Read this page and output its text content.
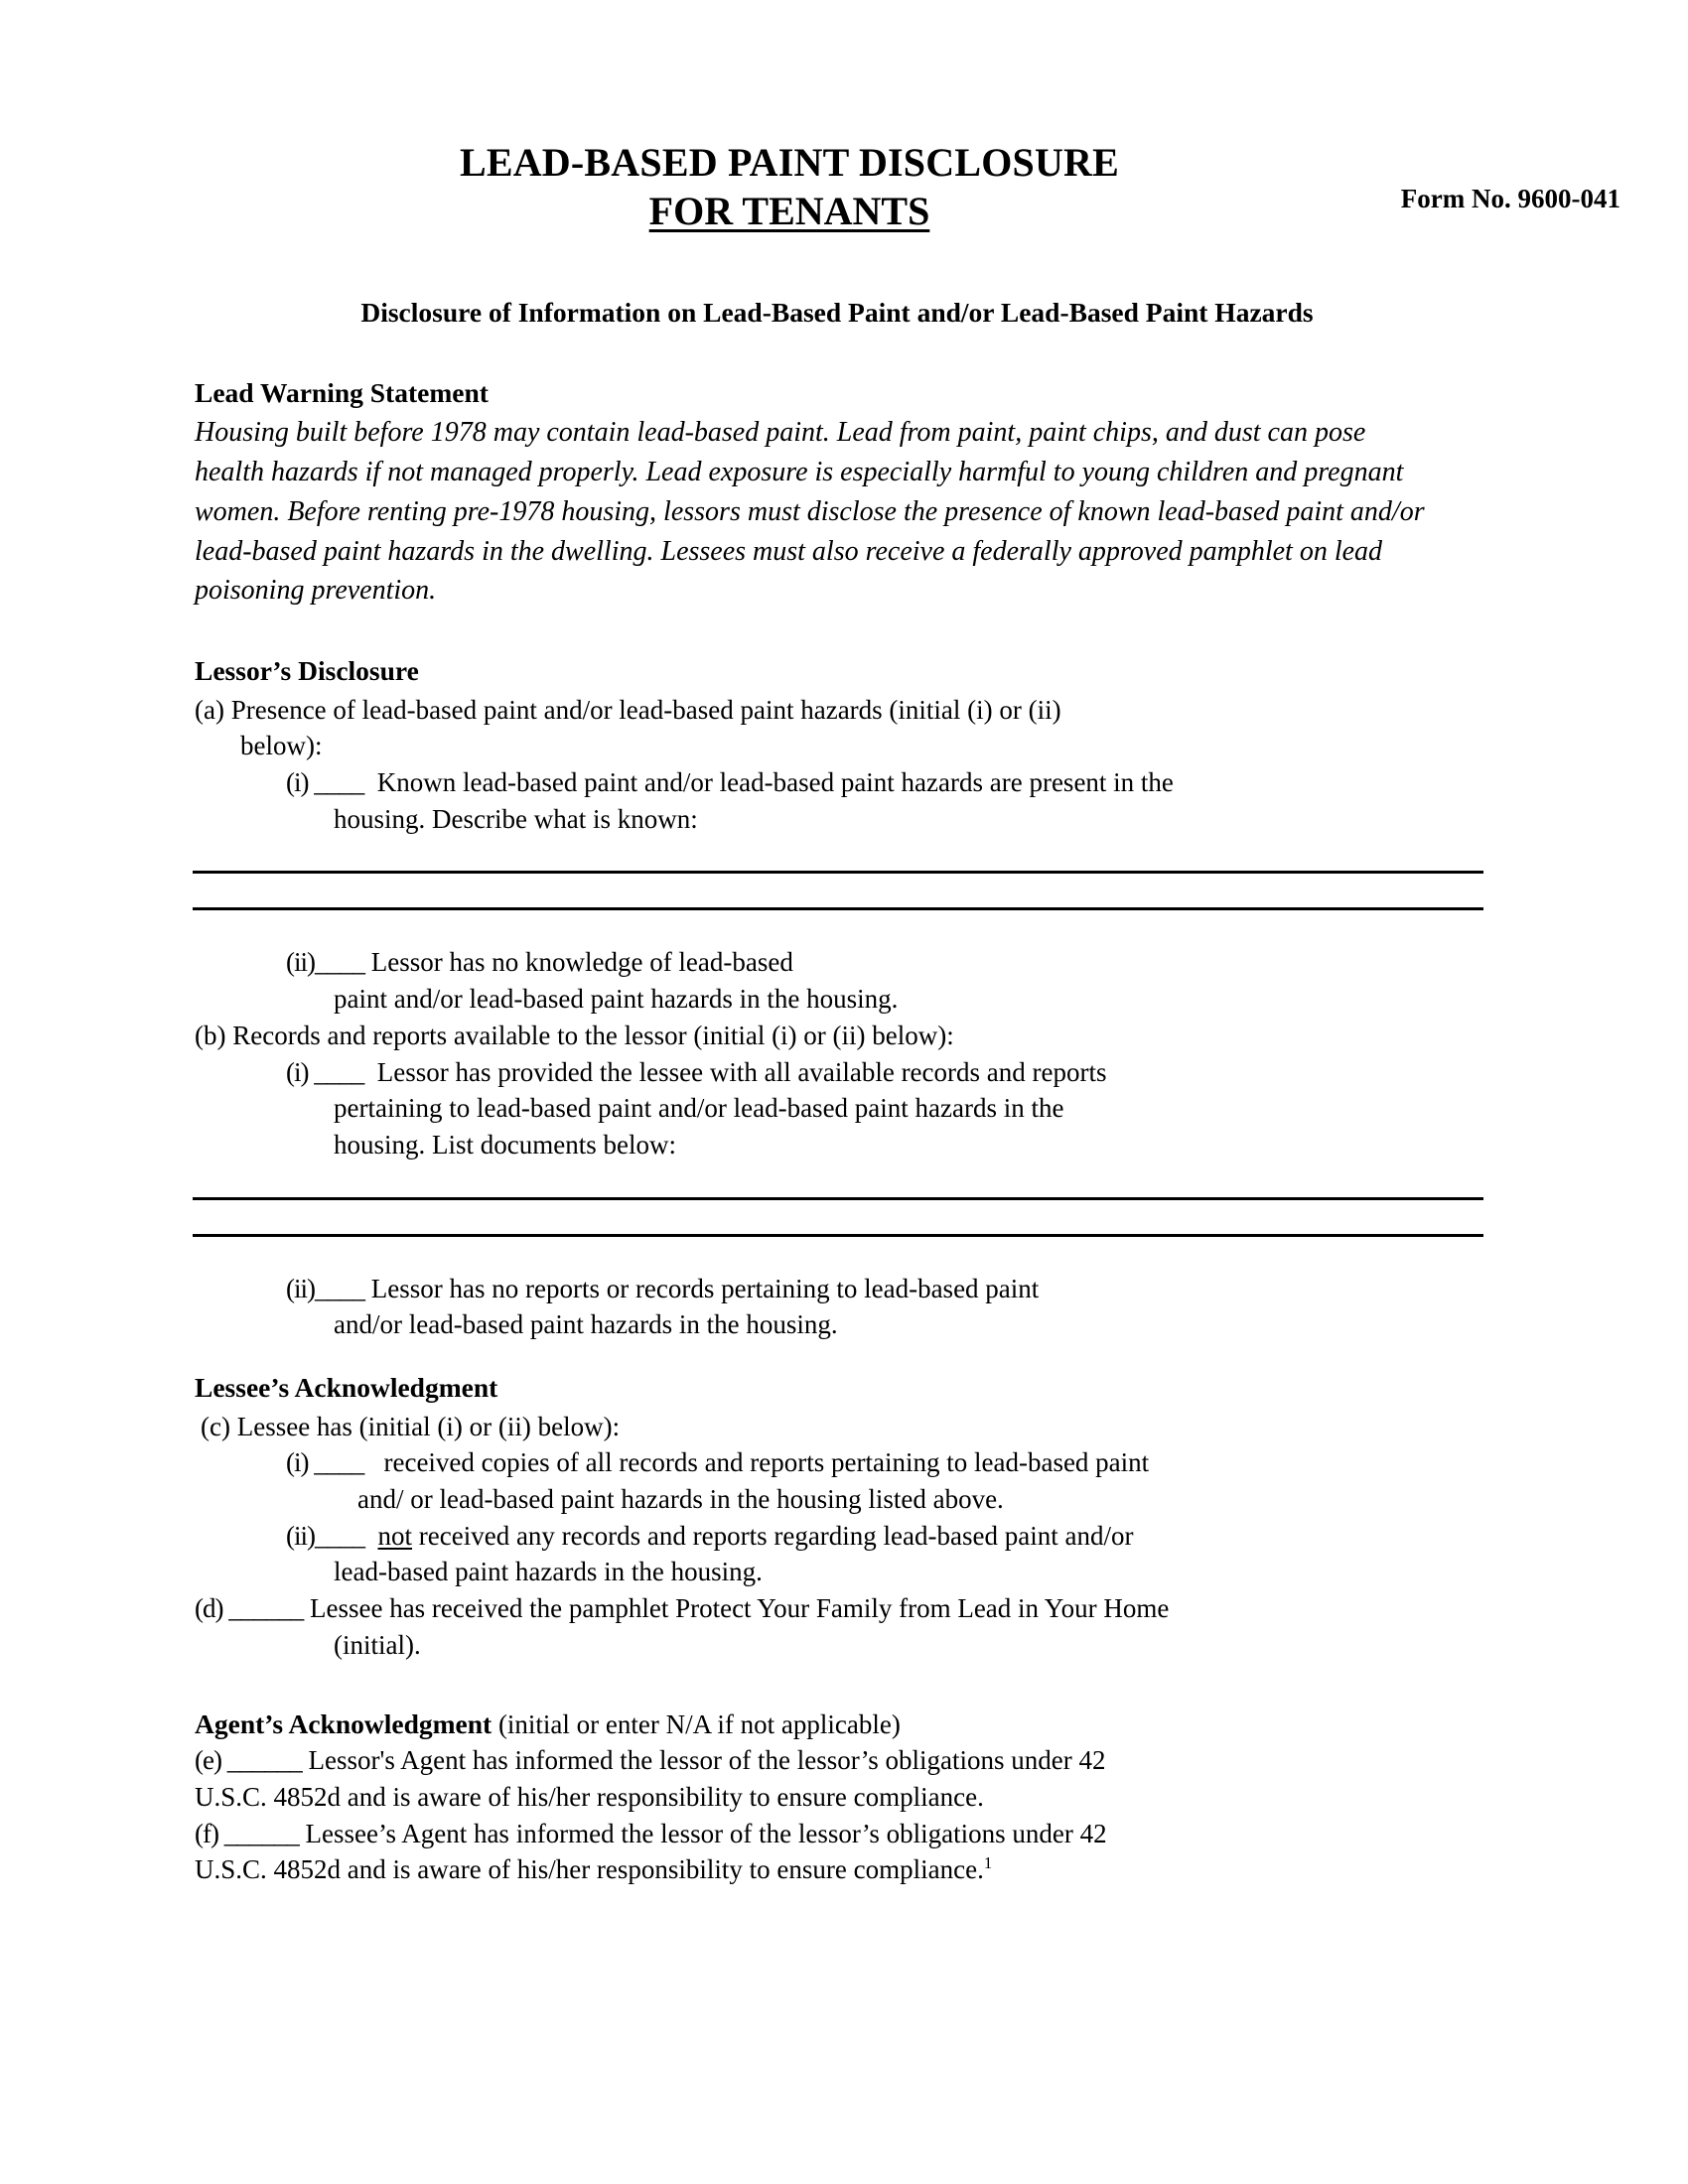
LEAD-BASED PAINT DISCLOSURE
FOR TENANTS	Form No. 9600-041
Disclosure of Information on Lead-Based Paint and/or Lead-Based Paint Hazards
Lead Warning Statement

Housing built before 1978 may contain lead-based paint. Lead from paint, paint chips, and dust can pose health hazards if not managed properly. Lead exposure is especially harmful to young children and pregnant women. Before renting pre-1978 housing, lessors must disclose the presence of known lead-based paint and/or lead-based paint hazards in the dwelling. Lessees must also receive a federally approved pamphlet on lead poisoning prevention.

Lessor’s Disclosure

(a) Presence of lead-based paint and/or lead-based paint hazards (initial (i) or (ii)

below):

(i) ____ Known lead-based paint and/or lead-based paint hazards are present in the

housing. Describe what is known:

(ii)____ Lessor has no knowledge of lead-based

paint and/or lead-based paint hazards in the housing.

(b) Records and reports available to the lessor (initial (i) or (ii) below):

(i) ____ Lessor has provided the lessee with all available records and reports

pertaining to lead-based paint and/or lead-based paint hazards in the

housing. List documents below:

(ii)____ Lessor has no reports or records pertaining to lead-based paint

and/or lead-based paint hazards in the housing.

Lessee’s Acknowledgment

(c) Lessee has (initial (i) or (ii) below):

(i) ____ received copies of all records and reports pertaining to lead-based paint

and/ or lead-based paint hazards in the housing listed above.

(ii)____ not received any records and reports regarding lead-based paint and/or

lead-based paint hazards in the housing.

(d) ______ Lessee has received the pamphlet Protect Your Family from Lead in Your Home

(initial).

Agent’s Acknowledgment (initial or enter N/A if not applicable)

(e) ______ Lessor's Agent has informed the lessor of the lessor’s obligations under 42

U.S.C. 4852d and is aware of his/her responsibility to ensure compliance.

(f) ______ Lessee’s Agent has informed the lessor of the lessor’s obligations under 42

U.S.C. 4852d and is aware of his/her responsibility to ensure compliance.$^1$
